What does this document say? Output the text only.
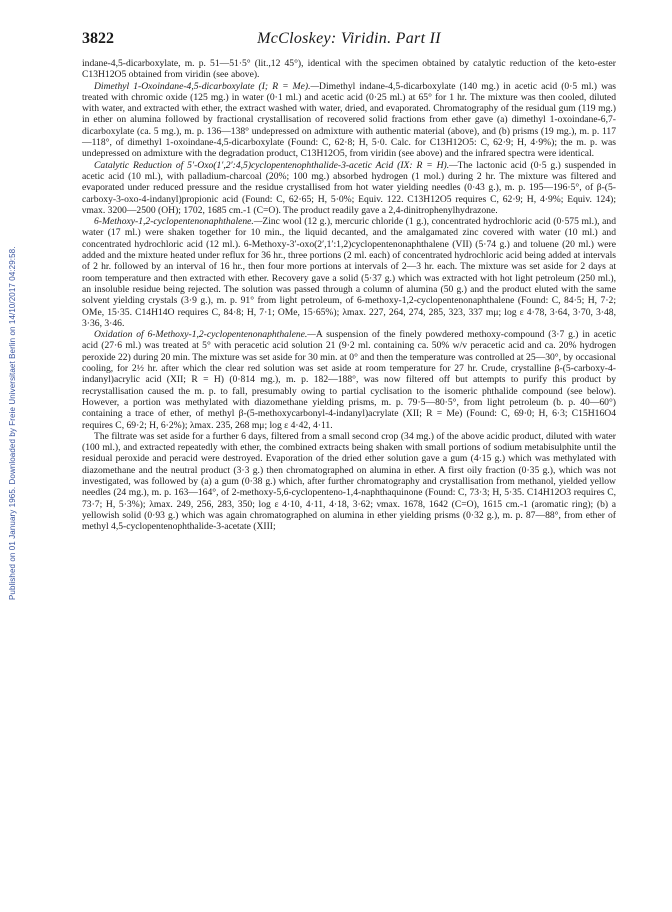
Published on 01 January 1965. Downloaded by Freie Universitaet Berlin on 14/10/2017 04:29:58.
3822	McCloskey: Viridin. Part II

indane-4,5-dicarboxylate, m. p. 51—51·5° (lit.,12 45°), identical with the specimen obtained by catalytic reduction of the keto-ester C13H12O5 obtained from viridin (see above).

Dimethyl 1-Oxoindane-4,5-dicarboxylate (I; R = Me).—Dimethyl indane-4,5-dicarboxylate (140 mg.) in acetic acid (0·5 ml.) was treated with chromic oxide (125 mg.) in water (0·1 ml.) and acetic acid (0·25 ml.) at 65° for 1 hr. The mixture was then cooled, diluted with water, and extracted with ether, the extract washed with water, dried, and evaporated. Chromatography of the residual gum (119 mg.) in ether on alumina followed by fractional crystallisation of recovered solid fractions from ether gave (a) dimethyl 1-oxoindane-6,7-dicarboxylate (ca. 5 mg.), m. p. 136—138° undepressed on admixture with authentic material (above), and (b) prisms (19 mg.), m. p. 117—118°, of dimethyl 1-oxoindane-4,5-dicarboxylate (Found: C, 62·8; H, 5·0. Calc. for C13H12O5: C, 62·9; H, 4·9%); the m. p. was undepressed on admixture with the degradation product, C13H12O5, from viridin (see above) and the infrared spectra were identical.

Catalytic Reduction of 5′-Oxo(1′,2′:4,5)cyclopentenophthalide-3-acetic Acid (IX: R = H).—The lactonic acid (0·5 g.) suspended in acetic acid (10 ml.), with palladium-charcoal (20%; 100 mg.) absorbed hydrogen (1 mol.) during 2 hr. The mixture was filtered and evaporated under reduced pressure and the residue crystallised from hot water yielding needles (0·43 g.), m. p. 195—196·5°, of β-(5-carboxy-3-oxo-4-indanyl)propionic acid (Found: C, 62·65; H, 5·0%; Equiv. 122. C13H12O5 requires C, 62·9; H, 4·9%; Equiv. 124); νmax. 3200—2500 (OH); 1702, 1685 cm.-1 (C=O). The product readily gave a 2,4-dinitrophenylhydrazone.

6-Methoxy-1,2-cyclopentenonaphthalene.—Zinc wool (12 g.), mercuric chloride (1 g.), concentrated hydrochloric acid (0·575 ml.), and water (17 ml.) were shaken together for 10 min., the liquid decanted, and the amalgamated zinc covered with water (10 ml.) and concentrated hydrochloric acid (12 ml.). 6-Methoxy-3′-oxo(2′,1′:1,2)cyclopentenonaphthalene (VII) (5·74 g.) and toluene (20 ml.) were added and the mixture heated under reflux for 36 hr., three portions (2 ml. each) of concentrated hydrochloric acid being added at intervals of 2 hr. followed by an interval of 16 hr., then four more portions at intervals of 2—3 hr. each. The mixture was set aside for 2 days at room temperature and then extracted with ether. Recovery gave a solid (5·37 g.) which was extracted with hot light petroleum (250 ml.), an insoluble residue being rejected. The solution was passed through a column of alumina (50 g.) and the product eluted with the same solvent yielding crystals (3·9 g.), m. p. 91° from light petroleum, of 6-methoxy-1,2-cyclopentenonaphthalene (Found: C, 84·5; H, 7·2; OMe, 15·35. C14H14O requires C, 84·8; H, 7·1; OMe, 15·65%); λmax. 227, 264, 274, 285, 323, 337 mμ; log ε 4·78, 3·64, 3·70, 3·48, 3·36, 3·46.

Oxidation of 6-Methoxy-1,2-cyclopentenonaphthalene.—A suspension of the finely powdered methoxy-compound (3·7 g.) in acetic acid (27·6 ml.) was treated at 5° with peracetic acid solution 21 (9·2 ml. containing ca. 50% w/v peracetic acid and ca. 20% hydrogen peroxide 22) during 20 min. The mixture was set aside for 30 min. at 0° and then the temperature was controlled at 25—30°, by occasional cooling, for 2½ hr. after which the clear red solution was set aside at room temperature for 27 hr. Crude, crystalline β-(5-carboxy-4-indanyl)acrylic acid (XII; R = H) (0·814 mg.), m. p. 182—188°, was now filtered off but attempts to purify this product by recrystallisation caused the m. p. to fall, presumably owing to partial cyclisation to the isomeric phthalide compound (see below). However, a portion was methylated with diazomethane yielding prisms, m. p. 79·5—80·5°, from light petroleum (b. p. 40—60°) containing a trace of ether, of methyl β-(5-methoxycarbonyl-4-indanyl)acrylate (XII; R = Me) (Found: C, 69·0; H, 6·3; C15H16O4 requires C, 69·2; H, 6·2%); λmax. 235, 268 mμ; log ε 4·42, 4·11.

The filtrate was set aside for a further 6 days, filtered from a small second crop (34 mg.) of the above acidic product, diluted with water (100 ml.), and extracted repeatedly with ether, the combined extracts being shaken with small portions of sodium metabisulphite until the residual peroxide and peracid were destroyed. Evaporation of the dried ether solution gave a gum (4·15 g.) which was methylated with diazomethane and the neutral product (3·3 g.) then chromatographed on alumina in ether. A first oily fraction (0·35 g.), which was not investigated, was followed by (a) a gum (0·38 g.) which, after further chromatography and crystallisation from methanol, yielded yellow needles (24 mg.), m. p. 163—164°, of 2-methoxy-5,6-cyclopenteno-1,4-naphthaquinone (Found: C, 73·3; H, 5·35. C14H12O3 requires C, 73·7; H, 5·3%); λmax. 249, 256, 283, 350; log ε 4·10, 4·11, 4·18, 3·62; νmax. 1678, 1642 (C=O), 1615 cm.-1 (aromatic ring); (b) a yellowish solid (0·93 g.) which was again chromatographed on alumina in ether yielding prisms (0·32 g.), m. p. 87—88°, from ether of methyl 4,5-cyclopentenophthalide-3-acetate (XIII;
